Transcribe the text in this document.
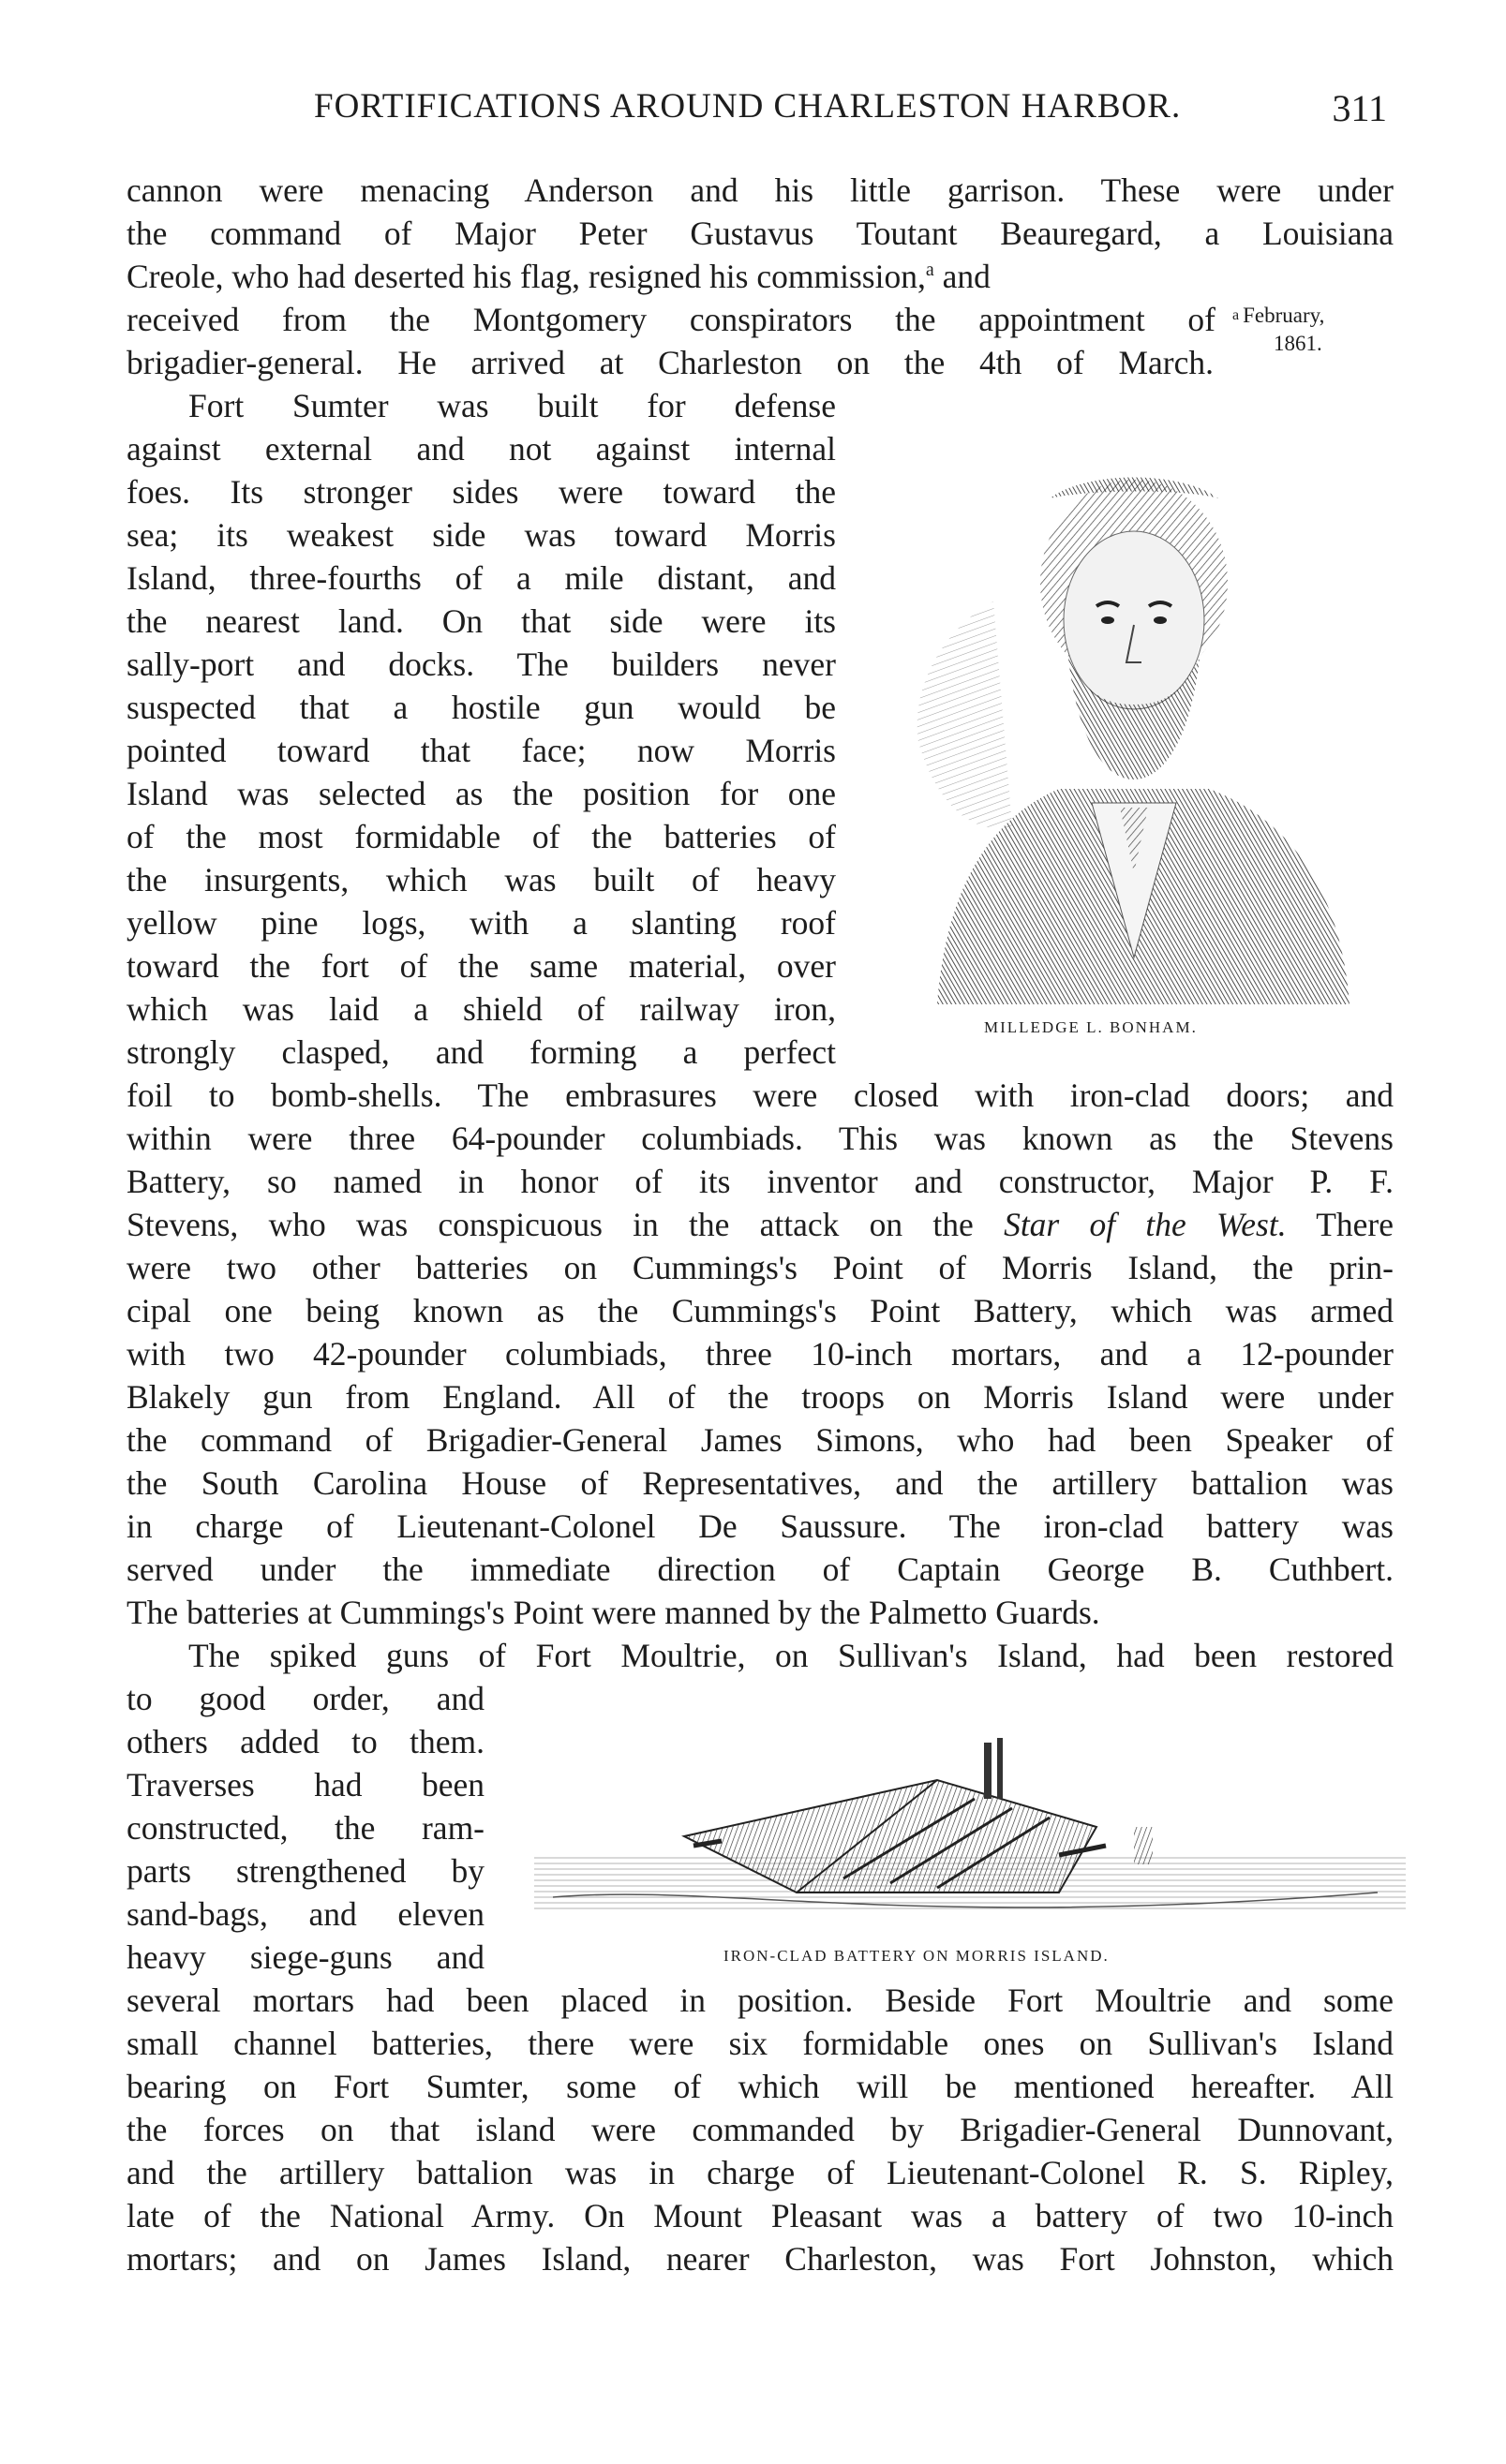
FORTIFICATIONS AROUND CHARLESTON HARBOR.	311
$^a$ February,
1861.
cannon were menacing Anderson and his little garrison. These were under
the command of Major Peter Gustavus Toutant Beauregard, a Louisiana
Creole, who had deserted his flag, resigned his commission,$^a$ and
received from the Montgomery conspirators the appointment of
brigadier-general. He arrived at Charleston on the 4th of March.
Fort Sumter was built for defense
against external and not against internal
foes. Its stronger sides were toward the
sea; its weakest side was toward Morris
Island, three-fourths of a mile distant, and
the nearest land. On that side were its
sally-port and docks. The builders never
suspected that a hostile gun would be
pointed toward that face; now Morris
Island was selected as the position for one
of the most formidable of the batteries of
the insurgents, which was built of heavy
yellow pine logs, with a slanting roof
toward the fort of the same material, over
which was laid a shield of railway iron,
strongly clasped, and forming a perfect
foil to bomb-shells. The embrasures were closed with iron-clad doors; and
within were three 64-pounder columbiads. This was known as the Stevens
Battery, so named in honor of its inventor and constructor, Major P. F.
Stevens, who was conspicuous in the attack on the Star of the West. There
were two other batteries on Cummings's Point of Morris Island, the prin-
cipal one being known as the Cummings's Point Battery, which was armed
with two 42-pounder columbiads, three 10-inch mortars, and a 12-pounder
Blakely gun from England. All of the troops on Morris Island were under
the command of Brigadier-General James Simons, who had been Speaker of
the South Carolina House of Representatives, and the artillery battalion was
in charge of Lieutenant-Colonel De Saussure. The iron-clad battery was
served under the immediate direction of Captain George B. Cuthbert.
The batteries at Cummings's Point were manned by the Palmetto Guards.
The spiked guns of Fort Moultrie, on Sullivan's Island, had been restored
to good order, and
others added to them.
Traverses had been
constructed, the ram-
parts strengthened by
sand-bags, and eleven
heavy siege-guns and
several mortars had been placed in position. Beside Fort Moultrie and some
small channel batteries, there were six formidable ones on Sullivan's Island
bearing on Fort Sumter, some of which will be mentioned hereafter. All
the forces on that island were commanded by Brigadier-General Dunnovant,
and the artillery battalion was in charge of Lieutenant-Colonel R. S. Ripley,
late of the National Army. On Mount Pleasant was a battery of two 10-inch
mortars; and on James Island, nearer Charleston, was Fort Johnston, which
MILLEDGE L. BONHAM.
IRON-CLAD BATTERY ON MORRIS ISLAND.
